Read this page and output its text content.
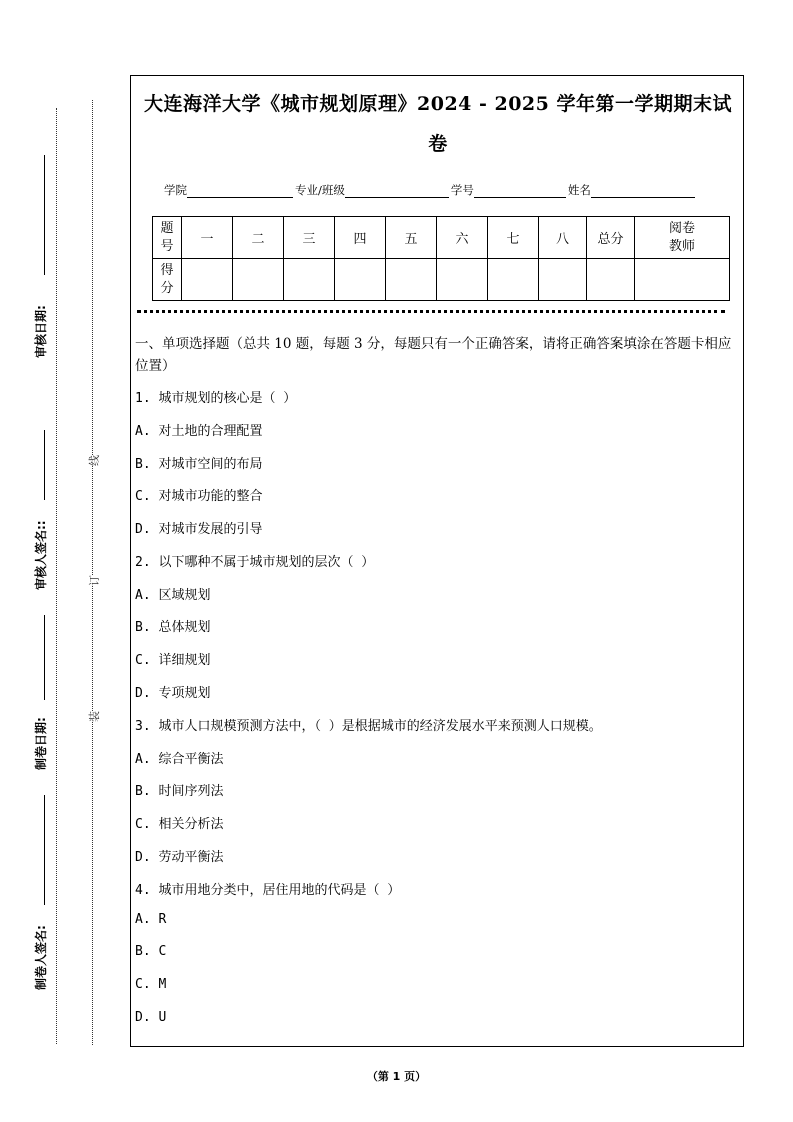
审核日期:
审核人签名::
制卷日期:
制卷人签名:
线
订
装
大连海洋大学《城市规划原理》2024 - 2025 学年第一学期期末试
卷
学院	专业/班级	学号	姓名
题号	一	二	三	四	五	六	七	八	总分	阅卷教师
得分										
一、单项选择题（总共 10 题，每题 3 分，每题只有一个正确答案，请将正确答案填涂在答题卡相应位置）
1. 城市规划的核心是（ ）
A. 对土地的合理配置
B. 对城市空间的布局
C. 对城市功能的整合
D. 对城市发展的引导
2. 以下哪种不属于城市规划的层次（ ）
A. 区域规划
B. 总体规划
C. 详细规划
D. 专项规划
3. 城市人口规模预测方法中，（ ）是根据城市的经济发展水平来预测人口规模。
A. 综合平衡法
B. 时间序列法
C. 相关分析法
D. 劳动平衡法
4. 城市用地分类中，居住用地的代码是（ ）
A. R
B. C
C. M
D. U
（第 1 页）
